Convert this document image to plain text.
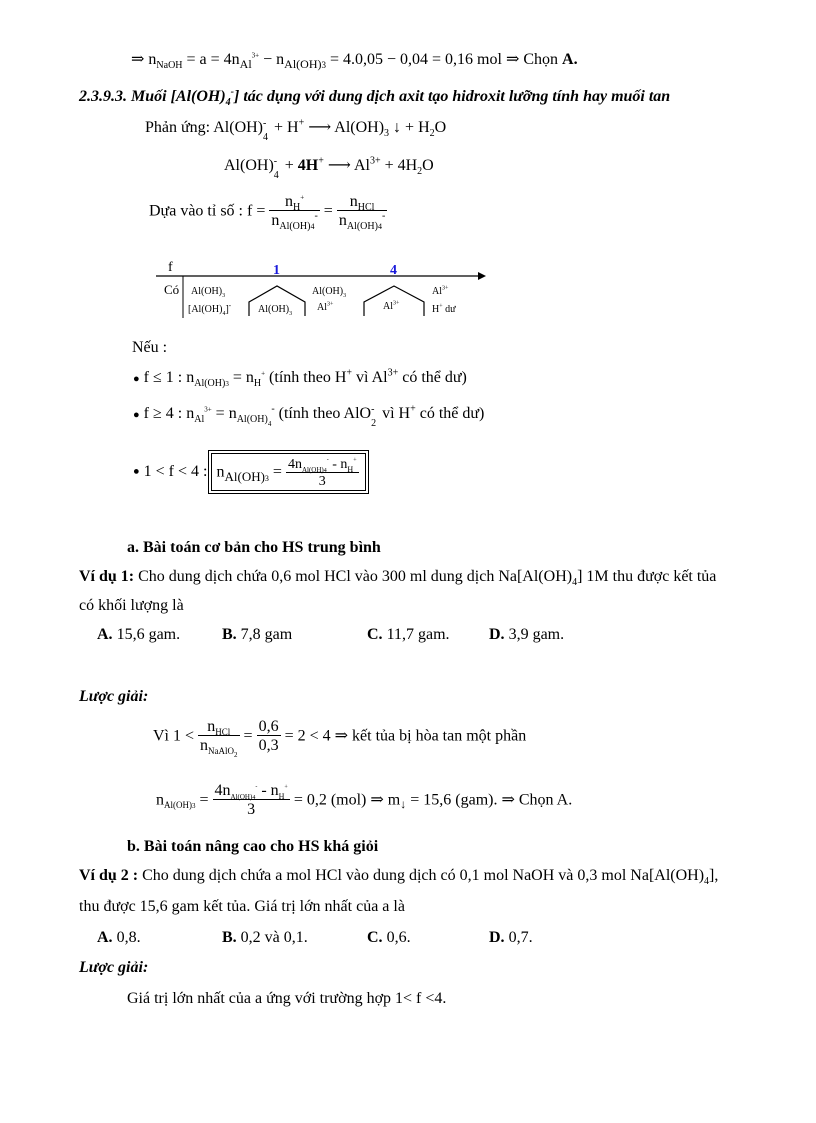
⇒ $n_{NaOH} = a = 4n_{Al}^{3+} - n_{Al(OH)3} = 4.0,05 - 0,04 = 0,16$ mol ⇒ Chọn A.
2.3.9.3. Muối $[Al(OH)_4^-]$ tác dụng với dung dịch axit tạo hidroxit lưỡng tính hay muối tan
Phản ứng: Al(OH) -
4
+ H+ ⟶ $Al(OH)_3$ ↓ + $H_2O$
Al(OH) -
4
+ 4H+ ⟶ $Al^{3+} + 4H_2O$
Dựa vào tỉ số : $f = \frac{n_H^+}{n_{Al(OH)4}^-} = \frac{n_{HCl}}{n_{Al(OH)4}^-}$
f
Có
1	4
$Al(OH)_3$
$[Al(OH)_4]^-$	$Al(OH)_3$
$Al(OH)_3$
$Al^{3+}$	$Al^{3+}$
$Al^{3+}$
H+ dư
Nếu :
● f ≤ 1 : $n_{Al(OH)3} = n_H^+$ (tính theo H+ vì $Al^{3+}$ có thể dư)
● f ≥ 4 : $n_{Al}^{3+} = n_{Al(OH)_4}^-$ (tính theo AlO -
2
vì H+ có thể dư)
● 1 < f < 4 : $n_{Al(OH)3} = \frac{4n_{Al(OH)4}^- - n_H^+}{3}$
a. Bài toán cơ bản cho HS trung bình
Ví dụ 1: Cho dung dịch chứa 0,6 mol HCl vào 300 ml dung dịch $Na[Al(OH)_4]$ 1M thu được kết tủa
có khối lượng là
A. 15,6 gam.	B. 7,8 gam	C. 11,7 gam. D. 3,9 gam.
Lược giải:
Vì $1 < \frac{n_{HCl}}{n_{NaAlO_2}} = \frac{0,6}{0,3} = 2 < 4$ ⇒ kết tủa bị hòa tan một phần
$n_{Al(OH)3} = \frac{4n_{Al(OH)4}^- - n_H^+}{3} = 0,2$ (mol) ⇒ m↓ = 15,6 (gam). ⇒ Chọn A.
b. Bài toán nâng cao cho HS khá giỏi
Ví dụ 2 : Cho dung dịch chứa a mol HCl vào dung dịch có 0,1 mol NaOH và 0,3 mol $Na[Al(OH)_4]$,
thu được 15,6 gam kết tủa. Giá trị lớn nhất của a là
A. 0,8.	B. 0,2 và 0,1.	C. 0,6.	D. 0,7.
Lược giải:
Giá trị lớn nhất của a ứng với trường hợp 1< f <4.
